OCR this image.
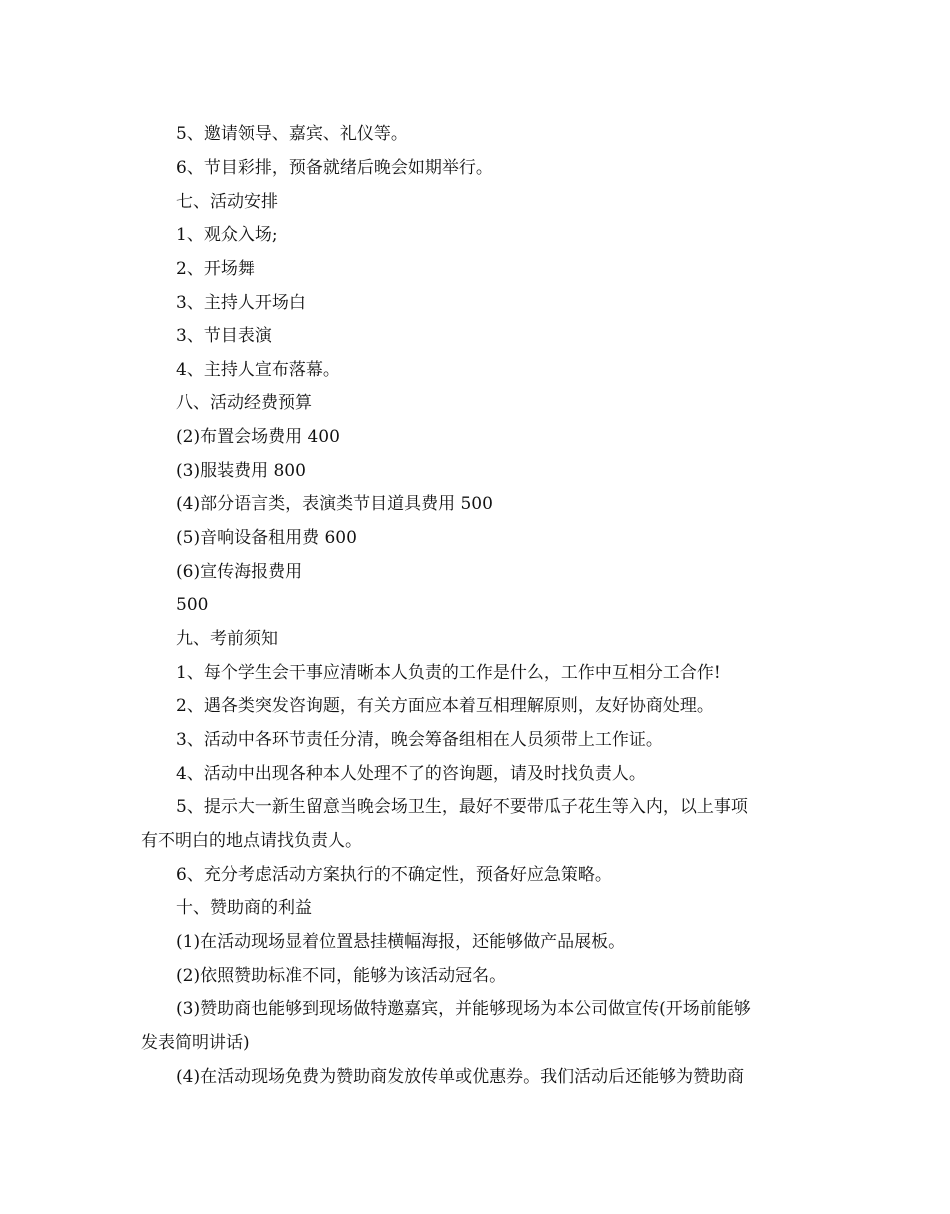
5、邀请领导、嘉宾、礼仪等。
6、节目彩排，预备就绪后晚会如期举行。
七、活动安排
1、观众入场;
2、开场舞
3、主持人开场白
3、节目表演
4、主持人宣布落幕。
八、活动经费预算
(2)布置会场费用 400
(3)服装费用 800
(4)部分语言类，表演类节目道具费用 500
(5)音响设备租用费 600
(6)宣传海报费用
500
九、考前须知
1、每个学生会干事应清晰本人负责的工作是什么，工作中互相分工合作!
2、遇各类突发咨询题，有关方面应本着互相理解原则，友好协商处理。
3、活动中各环节责任分清，晚会筹备组相在人员须带上工作证。
4、活动中出现各种本人处理不了的咨询题，请及时找负责人。
5、提示大一新生留意当晚会场卫生，最好不要带瓜子花生等入内，以上事项
有不明白的地点请找负责人。
6、充分考虑活动方案执行的不确定性，预备好应急策略。
十、赞助商的利益
(1)在活动现场显着位置悬挂横幅海报，还能够做产品展板。
(2)依照赞助标准不同，能够为该活动冠名。
(3)赞助商也能够到现场做特邀嘉宾，并能够现场为本公司做宣传(开场前能够
发表简明讲话)
(4)在活动现场免费为赞助商发放传单或优惠券。我们活动后还能够为赞助商
